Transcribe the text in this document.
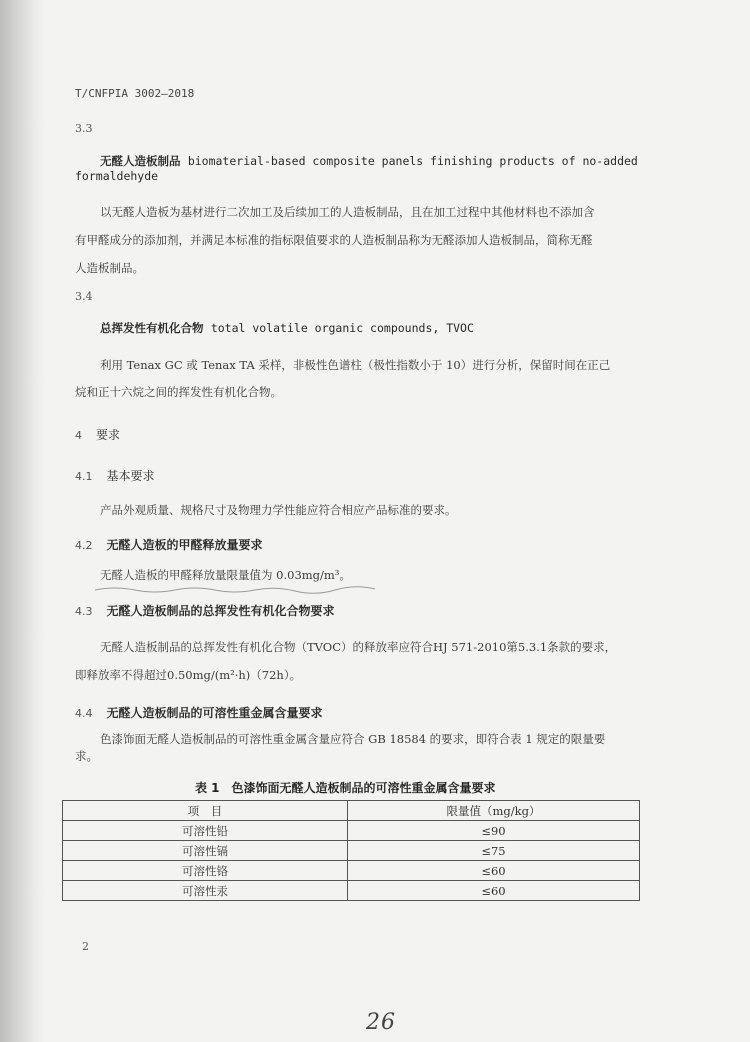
T/CNFPIA 3002—2018
3.3
无醛人造板制品 biomaterial-based composite panels finishing products of no-added
formaldehyde
以无醛人造板为基材进行二次加工及后续加工的人造板制品，且在加工过程中其他材料也不添加含
有甲醛成分的添加剂，并满足本标准的指标限值要求的人造板制品称为无醛添加人造板制品，简称无醛
人造板制品。
3.4
总挥发性有机化合物 total volatile organic compounds, TVOC
利用 Tenax GC 或 Tenax TA 采样，非极性色谱柱（极性指数小于 10）进行分析，保留时间在正己
烷和正十六烷之间的挥发性有机化合物。
4 要求
4.1 基本要求
产品外观质量、规格尺寸及物理力学性能应符合相应产品标准的要求。
4.2 无醛人造板的甲醛释放量要求
无醛人造板的甲醛释放量限量值为 0.03mg/m³。
4.3 无醛人造板制品的总挥发性有机化合物要求
无醛人造板制品的总挥发性有机化合物（TVOC）的释放率应符合HJ 571-2010第5.3.1条款的要求，
即释放率不得超过0.50mg/(m²·h)（72h）。
4.4 无醛人造板制品的可溶性重金属含量要求
色漆饰面无醛人造板制品的可溶性重金属含量应符合 GB 18584 的要求，即符合表 1 规定的限量要
求。
表 1　色漆饰面无醛人造板制品的可溶性重金属含量要求
项　目	限量值（mg/kg）
可溶性铅	≤90
可溶性镉	≤75
可溶性铬	≤60
可溶性汞	≤60
2
26
